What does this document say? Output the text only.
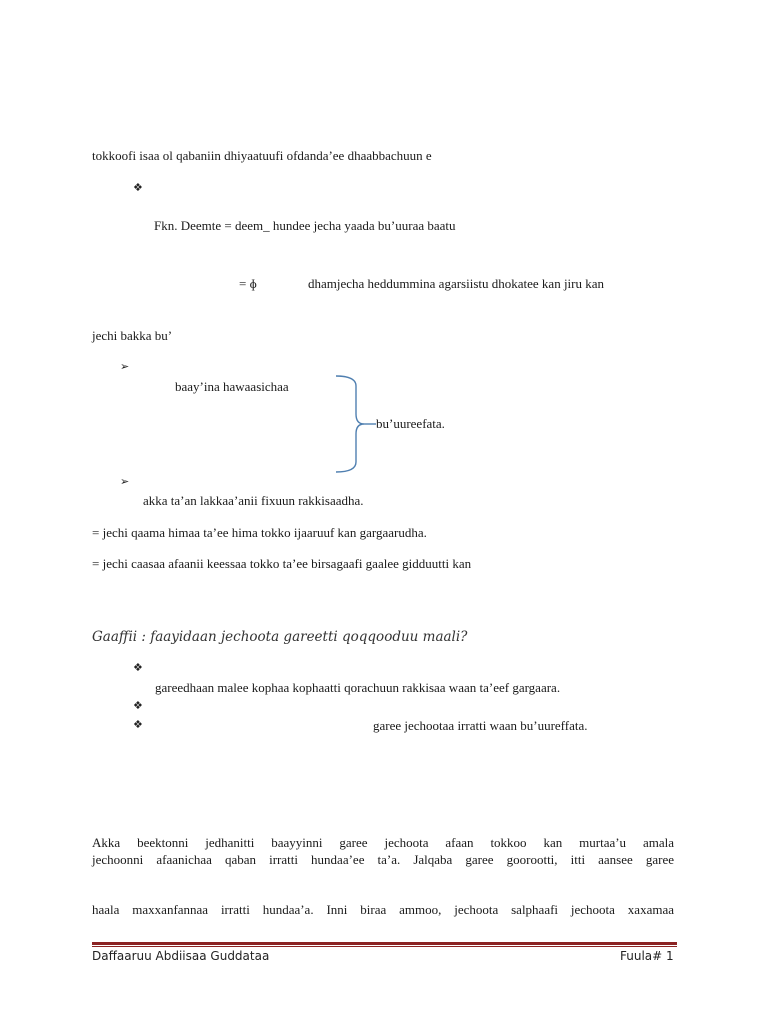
tokkoofi isaa ol qabaniin dhiyaatuufi ofdanda’ee dhaabbachuun e
❖
Fkn. Deemte = deem_ hundee jecha yaada bu’uuraa baatu
= ɸ	dhamjecha heddummina agarsiistu dhokatee kan jiru kan
jechi bakka bu’
➢
baay’ina hawaasichaa
bu’uureefata.
➢
akka ta’an lakkaa’anii fixuun rakkisaadha.
= jechi qaama himaa ta’ee hima tokko ijaaruuf kan gargaarudha.
= jechi caasaa afaanii keessaa tokko ta’ee birsagaafi gaalee gidduutti kan
Gaaffii : faayidaan jechoota gareetti qoqqooduu maali?
❖
gareedhaan malee kophaa kophaatti qorachuun rakkisaa waan ta’eef gargaara.
❖
❖	garee jechootaa irratti waan bu’uureffata.
Akka beektonni jedhanitti baayyinni garee jechoota afaan tokkoo kan murtaa’u amala
jechoonni afaanichaa qaban irratti hundaa’ee ta’a. Jalqaba garee goorootti, itti aansee garee
haala maxxanfannaa irratti hundaa’a. Inni biraa ammoo, jechoota salphaafi jechoota xaxamaa
Daffaaruu Abdiisaa Guddataa	Fuula# 1
